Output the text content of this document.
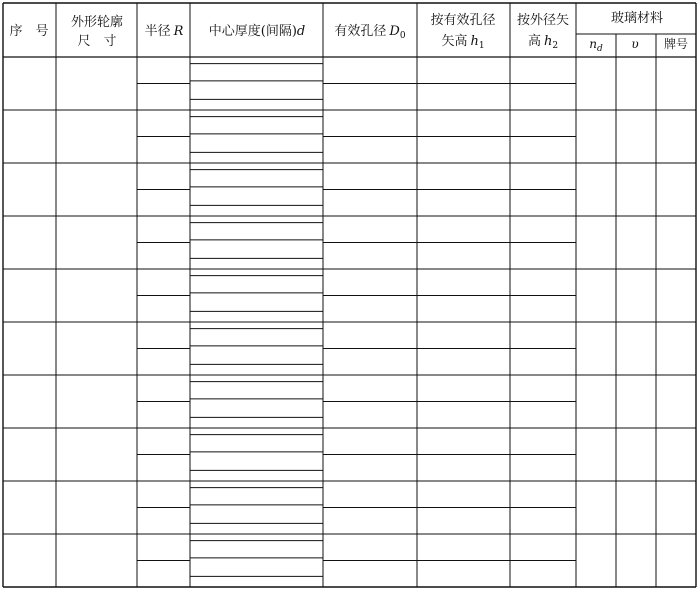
序　号
外形轮廓
尺　寸
半径 R 中心厚度(间隔)d 有效孔径 $D_0$
按有效孔径
矢高 $h_1$
按外径矢
高 $h_2$
玻璃材料
$n_d$ υ 牌号
